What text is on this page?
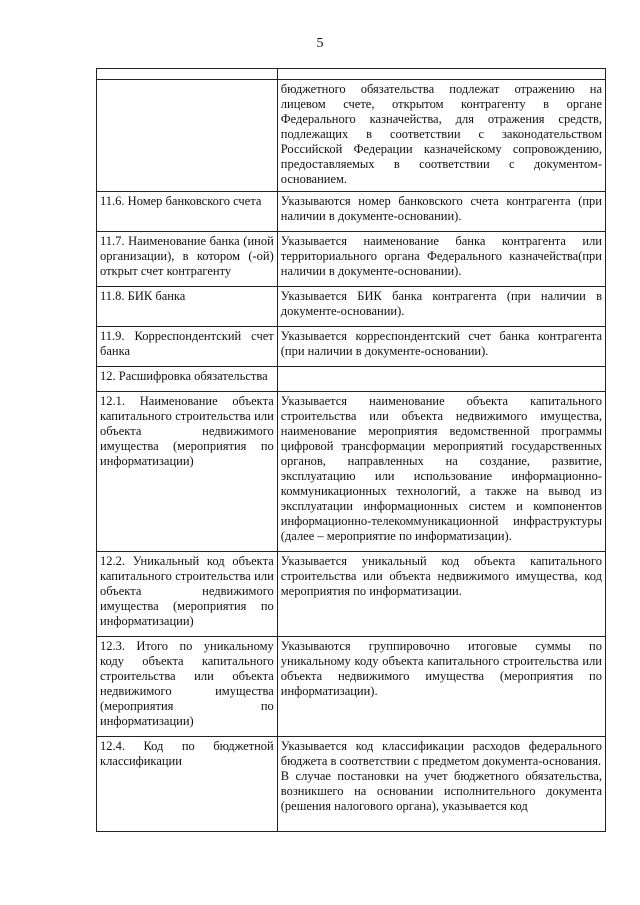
5

	бюджетного обязательства подлежат отражению на лицевом счете, открытом контрагенту в органе Федерального казначейства, для отражения средств, подлежащих в соответствии с законодательством Российской Федерации казначейскому сопровождению, предоставляемых в соответствии с документом-основанием.

11.6. Номер банковского счета	Указываются номер банковского счета контрагента (при наличии в документе-основании).

11.7. Наименование банка (иной организации), в котором (-ой) открыт счет контрагенту	Указывается наименование банка контрагента или территориального органа Федерального казначейства(при наличии в документе-основании).

11.8. БИК банка	Указывается БИК банка контрагента (при наличии в документе-основании).

11.9. Корреспондентский счет банка	Указывается корреспондентский счет банка контрагента (при наличии в документе-основании).

12. Расшифровка обязательства	

12.1. Наименование объекта капитального строительства или объекта недвижимого имущества (мероприятия по информатизации)	Указывается наименование объекта капитального строительства или объекта недвижимого имущества, наименование мероприятия ведомственной программы цифровой трансформации мероприятий государственных органов, направленных на создание, развитие, эксплуатацию или использование информационно-коммуникационных технологий, а также на вывод из эксплуатации информационных систем и компонентов информационно-телекоммуникационной инфраструктуры (далее – мероприятие по информатизации).

12.2. Уникальный код объекта капитального строительства или объекта недвижимого имущества (мероприятия по информатизации)	Указывается уникальный код объекта капитального строительства или объекта недвижимого имущества, код мероприятия по информатизации.

12.3. Итого по уникальному коду объекта капитального строительства или объекта недвижимого имущества (мероприятия по информатизации)	Указываются группировочно итоговые суммы по уникальному коду объекта капитального строительства или объекта недвижимого имущества (мероприятия по информатизации).

12.4. Код по бюджетной классификации	Указывается код классификации расходов федерального бюджета в соответствии с предметом документа-основания.
В случае постановки на учет бюджетного обязательства, возникшего на основании исполнительного документа (решения налогового органа), указывается код
